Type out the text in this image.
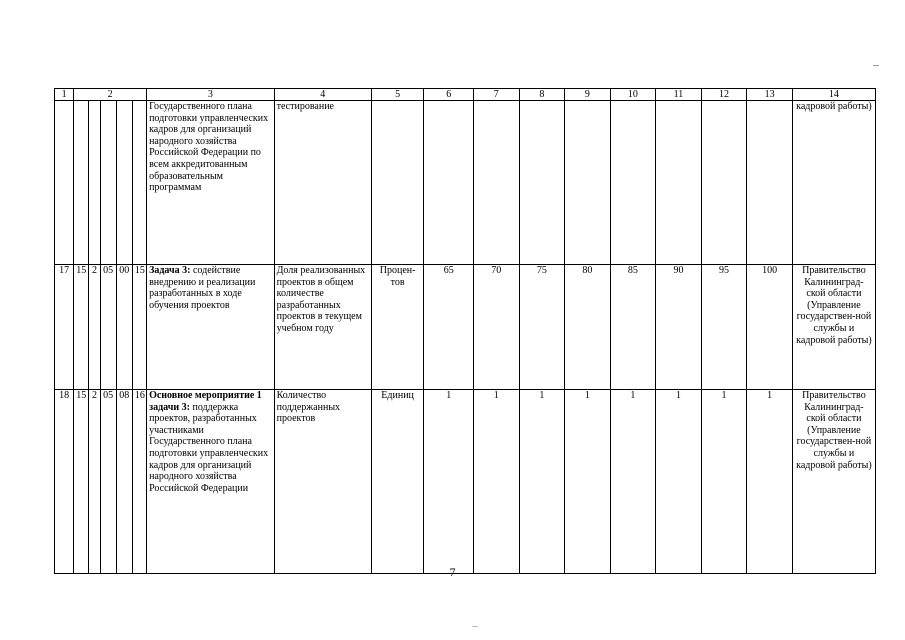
1	2					3	4	5	6	7	8	9	10	11	12	13	14
						Государственного плана подготовки управленческих кадров для организаций народного хозяйства Российской Федерации по всем аккредитованным образовательным программам	тестирование										кадровой работы)
17	15	2	05	00	15	Задача 3: содействие внедрению и реализации разработанных в ходе обучения проектов	Доля реализованных проектов в общем количестве разработанных проектов в текущем учебном году	Процен-тов	65	70	75	80	85	90	95	100	Правительство Калининград-ской области (Управление государствен-ной службы и кадровой работы)
18	15	2	05	08	16	Основное мероприятие 1 задачи 3: поддержка проектов, разработанных участниками Государственного плана подготовки управленческих кадров для организаций народного хозяйства Российской Федерации	Количество поддержанных проектов	Единиц	1	1	1	1	1	1	1	1	Правительство Калининград-ской области (Управление государствен-ной службы и кадровой работы)
7
